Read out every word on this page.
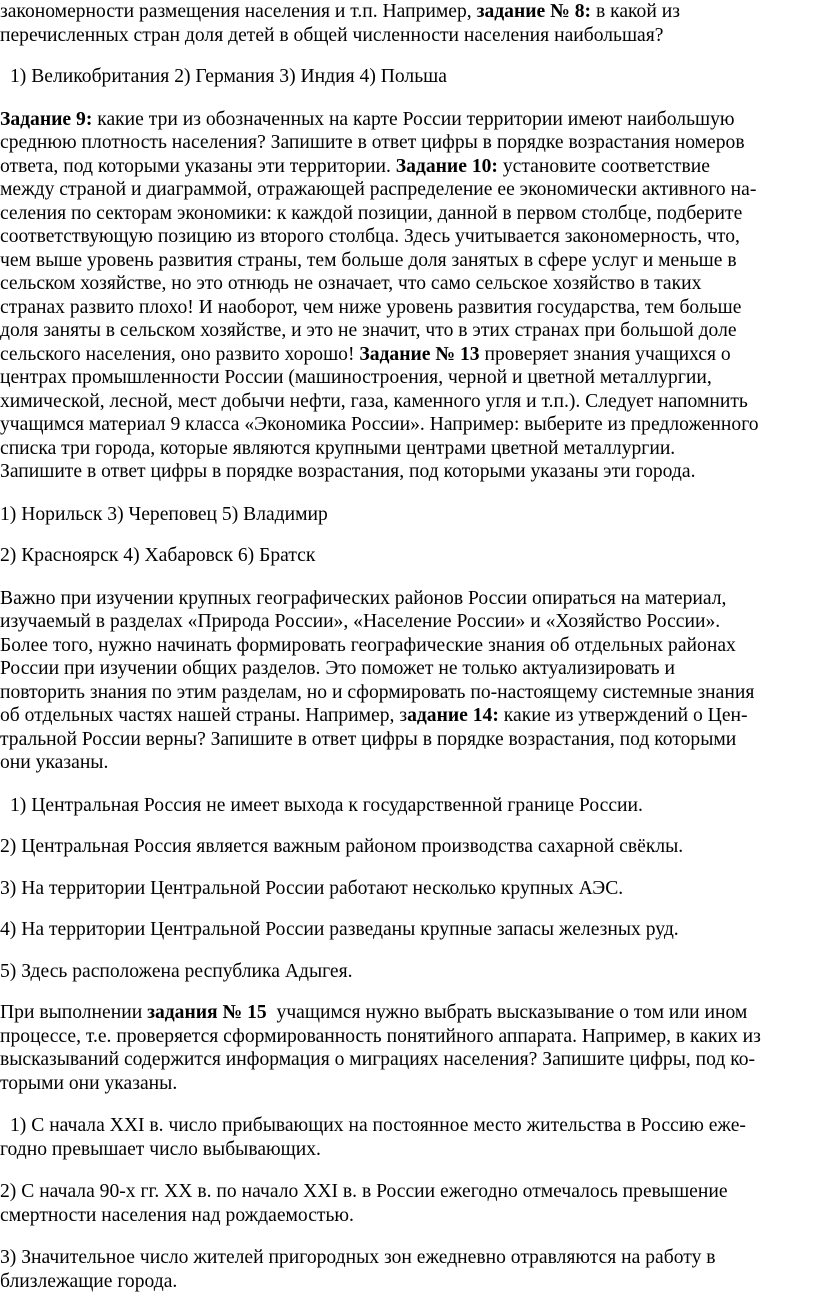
закономерности размещения населения и т.п. Например, задание № 8: в какой из
перечисленных стран доля детей в общей численности населения наибольшая?

1) Великобритания 2) Германия 3) Индия 4) Польша

Задание 9: какие три из обозначенных на карте России территории имеют наибольшую
среднюю плотность населения? Запишите в ответ цифры в порядке возрастания номеров
ответа, под которыми указаны эти территории. Задание 10: установите соответствие
между страной и диаграммой, отражающей распределение ее экономически активного на-
селения по секторам экономики: к каждой позиции, данной в первом столбце, подберите
соответствующую позицию из второго столбца. Здесь учитывается закономерность, что,
чем выше уровень развития страны, тем больше доля занятых в сфере услуг и меньше в
сельском хозяйстве, но это отнюдь не означает, что само сельское хозяйство в таких
странах развито плохо! И наоборот, чем ниже уровень развития государства, тем больше
доля заняты в сельском хозяйстве, и это не значит, что в этих странах при большой доле
сельского населения, оно развито хорошо! Задание № 13 проверяет знания учащихся о
центрах промышленности России (машиностроения, черной и цветной металлургии,
химической, лесной, мест добычи нефти, газа, каменного угля и т.п.). Следует напомнить
учащимся материал 9 класса «Экономика России». Например: выберите из предложенного
списка три города, которые являются крупными центрами цветной металлургии.
Запишите в ответ цифры в порядке возрастания, под которыми указаны эти города.

1) Норильск 3) Череповец 5) Владимир

2) Красноярск 4) Хабаровск 6) Братск

Важно при изучении крупных географических районов России опираться на материал,
изучаемый в разделах «Природа России», «Население России» и «Хозяйство России».
Более того, нужно начинать формировать географические знания об отдельных районах
России при изучении общих разделов. Это поможет не только актуализировать и
повторить знания по этим разделам, но и сформировать по-настоящему системные знания
об отдельных частях нашей страны. Например, задание 14: какие из утверждений о Цен-
тральной России верны? Запишите в ответ цифры в порядке возрастания, под которыми
они указаны.

1) Центральная Россия не имеет выхода к государственной границе России.

2) Центральная Россия является важным районом производства сахарной свёклы.

3) На территории Центральной России работают несколько крупных АЭС.

4) На территории Центральной России разведаны крупные запасы железных руд.

5) Здесь расположена республика Адыгея.

При выполнении задания № 15  учащимся нужно выбрать высказывание о том или ином
процессе, т.е. проверяется сформированность понятийного аппарата. Например, в каких из
высказываний содержится информация о миграциях населения? Запишите цифры, под ко-
торыми они указаны.

1) С начала XXI в. число прибывающих на постоянное место жительства в Россию еже-
годно превышает число выбывающих.

2) С начала 90-х гг. XX в. по начало XXI в. в России ежегодно отмечалось превышение
смертности населения над рождаемостью.

3) Значительное число жителей пригородных зон ежедневно отравляются на работу в
близлежащие города.
